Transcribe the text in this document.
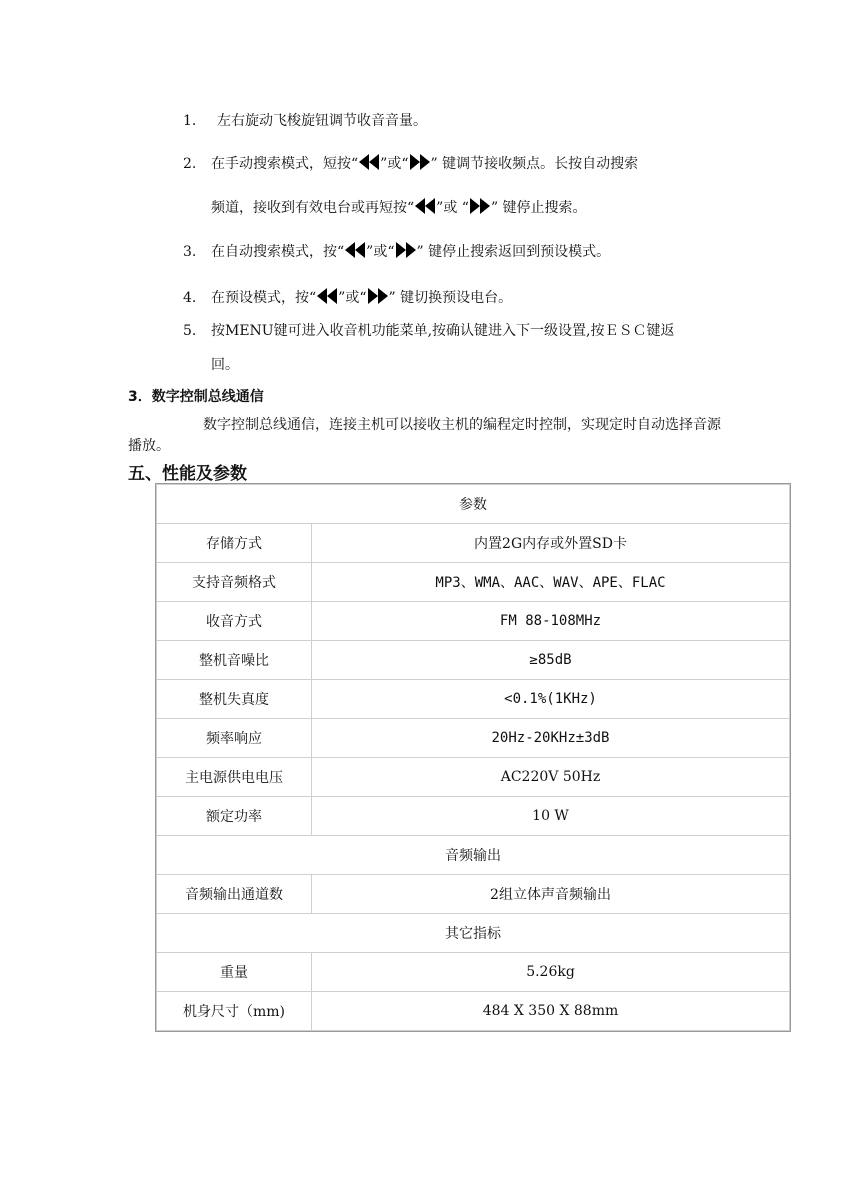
1. 左右旋动飞梭旋钮调节收音音量。
2. 在手动搜索模式，短按“ ”或“ ” 键调节接收频点。长按自动搜索
频道，接收到有效电台或再短按“ ”或 “ ” 键停止搜索。
3. 在自动搜索模式，按“ ”或“ ” 键停止搜索返回到预设模式。
4. 在预设模式，按“ ”或“ ” 键切换预设电台。
5. 按MENU键可进入收音机功能菜单,按确认键进入下一级设置,按ＥＳＣ键返
回。
3．数字控制总线通信
数字控制总线通信，连接主机可以接收主机的编程定时控制，实现定时自动选择音源播放。
五、性能及参数
参数	
存储方式	内置2G内存或外置SD卡
支持音频格式	MP3、WMA、AAC、WAV、APE、FLAC
收音方式	FM 88-108MHz
整机音噪比	≥85dB
整机失真度	<0.1%(1KHz)
频率响应	20Hz-20KHz±3dB
主电源供电电压	AC220V 50Hz
额定功率	10 W
音频输出	
音频输出通道数	2组立体声音频输出
其它指标	
重量	5.26kg
机身尺寸（mm)	484 X 350 X 88mm
